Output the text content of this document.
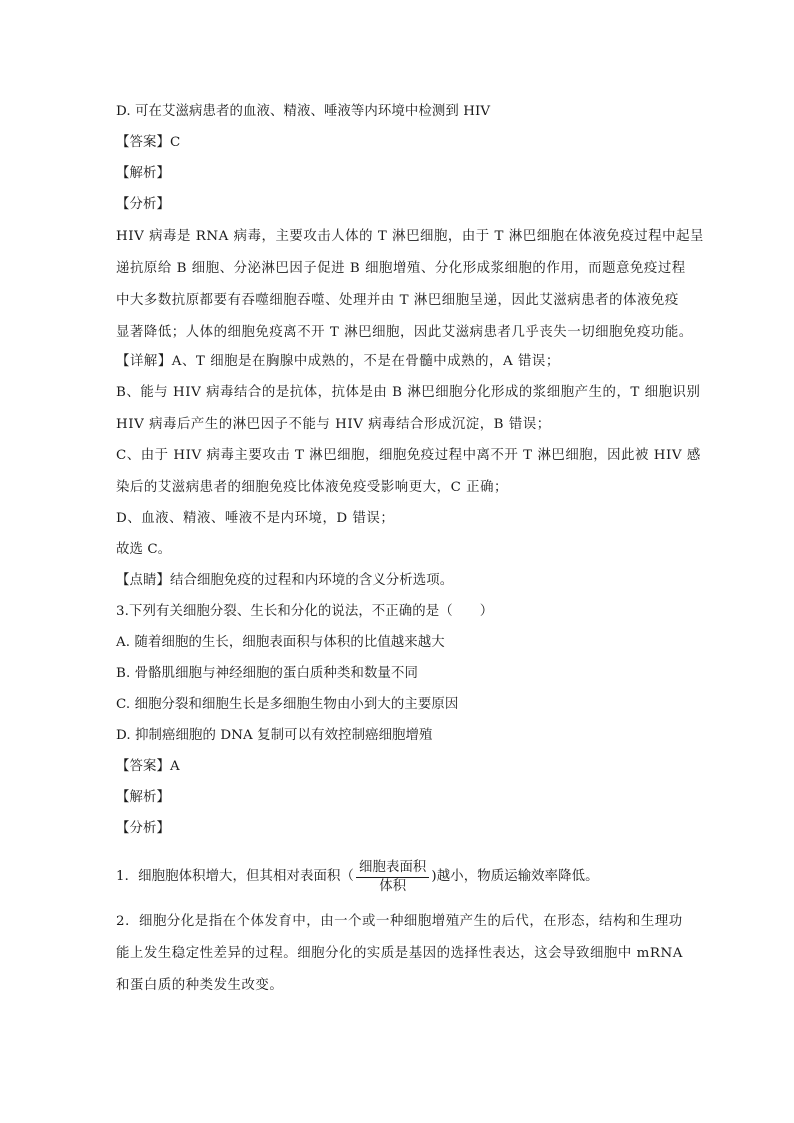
D. 可在艾滋病患者的血液、精液、唾液等内环境中检测到 HIV
【答案】C
【解析】
【分析】
HIV 病毒是 RNA 病毒，主要攻击人体的 T 淋巴细胞，由于 T 淋巴细胞在体液免疫过程中起呈
递抗原给 B 细胞、分泌淋巴因子促进 B 细胞增殖、分化形成浆细胞的作用，而题意免疫过程
中大多数抗原都要有吞噬细胞吞噬、处理并由 T 淋巴细胞呈递，因此艾滋病患者的体液免疫
显著降低；人体的细胞免疫离不开 T 淋巴细胞，因此艾滋病患者几乎丧失一切细胞免疫功能。
【详解】A、T 细胞是在胸腺中成熟的，不是在骨髓中成熟的，A 错误；
B、能与 HIV 病毒结合的是抗体，抗体是由 B 淋巴细胞分化形成的浆细胞产生的，T 细胞识别
HIV 病毒后产生的淋巴因子不能与 HIV 病毒结合形成沉淀，B 错误；
C、由于 HIV 病毒主要攻击 T 淋巴细胞，细胞免疫过程中离不开 T 淋巴细胞，因此被 HIV 感
染后的艾滋病患者的细胞免疫比体液免疫受影响更大，C 正确；
D、血液、精液、唾液不是内环境，D 错误；
故选 C。
【点睛】结合细胞免疫的过程和内环境的含义分析选项。
3.下列有关细胞分裂、生长和分化的说法，不正确的是（　　）
A. 随着细胞的生长，细胞表面积与体积的比值越来越大
B. 骨骼肌细胞与神经细胞的蛋白质种类和数量不同
C. 细胞分裂和细胞生长是多细胞生物由小到大的主要原因
D. 抑制癌细胞的 DNA 复制可以有效控制癌细胞增殖
【答案】A
【解析】
【分析】
1．细胞胞体积增大，但其相对表面积（ $\frac{\text{细胞表面积}}{\text{体积}}$ )越小，物质运输效率降低。
2．细胞分化是指在个体发育中，由一个或一种细胞增殖产生的后代，在形态，结构和生理功
能上发生稳定性差异的过程。细胞分化的实质是基因的选择性表达，这会导致细胞中 mRNA
和蛋白质的种类发生改变。
